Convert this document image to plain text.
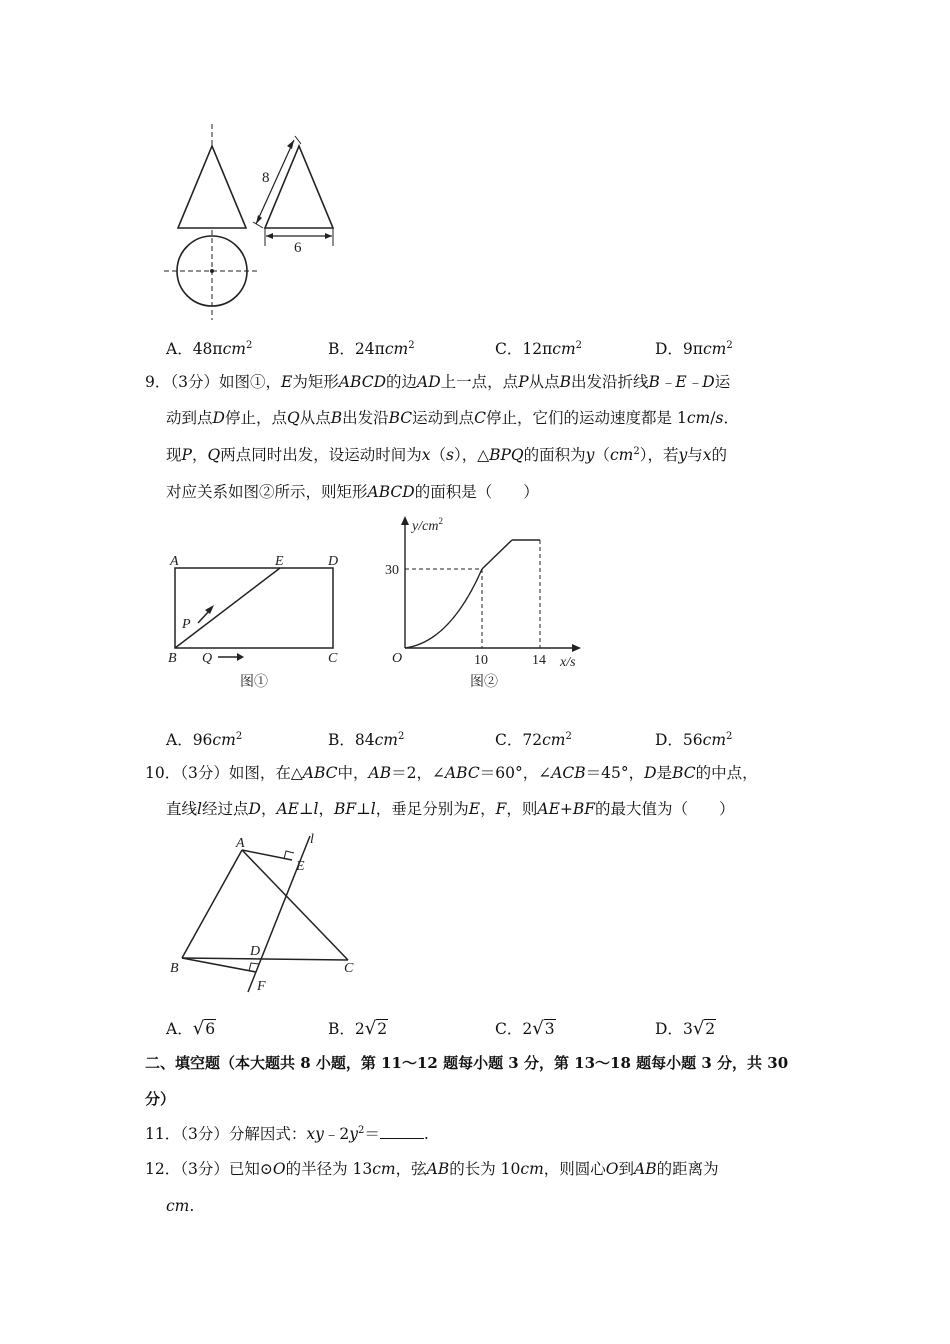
8
6
A．48πcm$^2$	B．24πcm$^2$	C．12πcm$^2$	D．9πcm$^2$
9．（3分）如图①，E为矩形ABCD的边AD上一点，点P从点B出发沿折线B﹣E﹣D运
动到点D停止，点Q从点B出发沿BC运动到点C停止，它们的运动速度都是 1cm/s．
现P，Q两点同时出发，设运动时间为x（s），△BPQ的面积为$y(cm^2)$，若y与x的
对应关系如图②所示，则矩形ABCD的面积是（　　）
A	E	D
P
B Q	C
图①
$y/cm^2$
x/s
O
30
10	14
图②
A．$96cm^2$	B．$84cm^2$	C．$72cm^2$	D．$56cm^2$
10．（3分）如图，在△ABC中，AB＝2，∠ABC＝60°，∠ACB＝45°，D是BC的中点，
直线l经过点D，AE⊥l，BF⊥l，垂足分别为E，F，则AE+BF的最大值为（　　）
A	l
E
D
B	C
F
A．√6	B．2√2	C．2√3	D．3√2
二、填空题（本大题共 8 小题，第 11～12 题每小题 3 分，第 13～18 题每小题 3 分，共 30
分）
11．（3分）分解因式：$xy﹣2y^2=$	.
12．（3分）已知⊙O的半径为 13cm，弦AB的长为 10cm，则圆心O到AB的距离为
cm.
